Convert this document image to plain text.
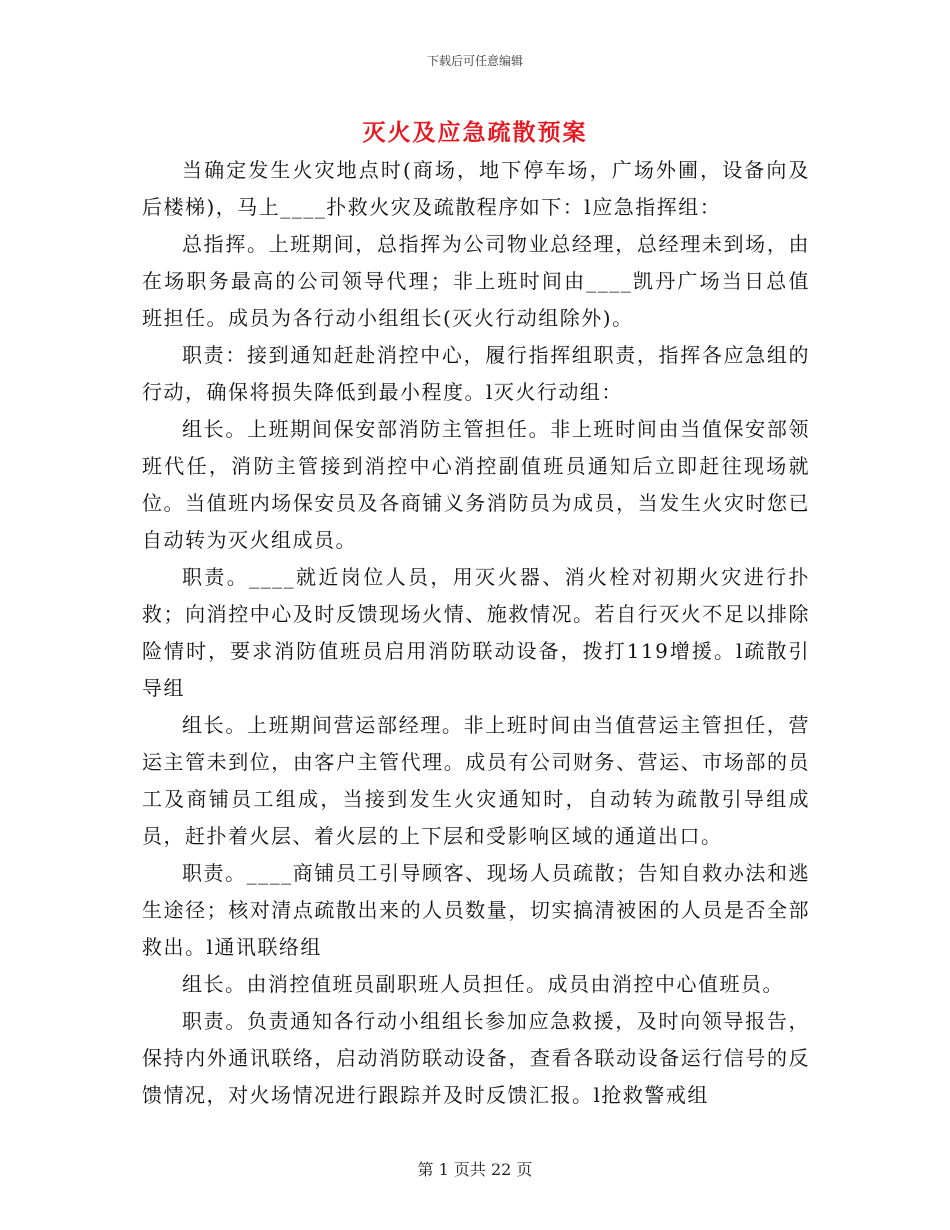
下载后可任意编辑
灭火及应急疏散预案

当确定发生火灾地点时(商场，地下停车场，广场外圃，设备向及后楼梯)，马上____扑救火灾及疏散程序如下：l应急指挥组：

总指挥。上班期间，总指挥为公司物业总经理，总经理未到场，由在场职务最高的公司领导代理；非上班时间由____凯丹广场当日总值班担任。成员为各行动小组组长(灭火行动组除外)。

职责：接到通知赶赴消控中心，履行指挥组职责，指挥各应急组的行动，确保将损失降低到最小程度。l灭火行动组：

组长。上班期间保安部消防主管担任。非上班时间由当值保安部领班代任，消防主管接到消控中心消控副值班员通知后立即赶往现场就位。当值班内场保安员及各商铺义务消防员为成员，当发生火灾时您已自动转为灭火组成员。

职责。____就近岗位人员，用灭火器、消火栓对初期火灾进行扑救；向消控中心及时反馈现场火情、施救情况。若自行灭火不足以排除险情时，要求消防值班员启用消防联动设备，拨打119增援。l疏散引导组

组长。上班期间营运部经理。非上班时间由当值营运主管担任，营运主管未到位，由客户主管代理。成员有公司财务、营运、市场部的员工及商铺员工组成，当接到发生火灾通知时，自动转为疏散引导组成员，赶扑着火层、着火层的上下层和受影响区域的通道出口。

职责。____商铺员工引导顾客、现场人员疏散；告知自救办法和逃生途径；核对清点疏散出来的人员数量，切实搞清被困的人员是否全部救出。l通讯联络组

组长。由消控值班员副职班人员担任。成员由消控中心值班员。

职责。负责通知各行动小组组长参加应急救援，及时向领导报告，保持内外通讯联络，启动消防联动设备，查看各联动设备运行信号的反馈情况，对火场情况进行跟踪并及时反馈汇报。l抢救警戒组

第 1 页共 22 页
